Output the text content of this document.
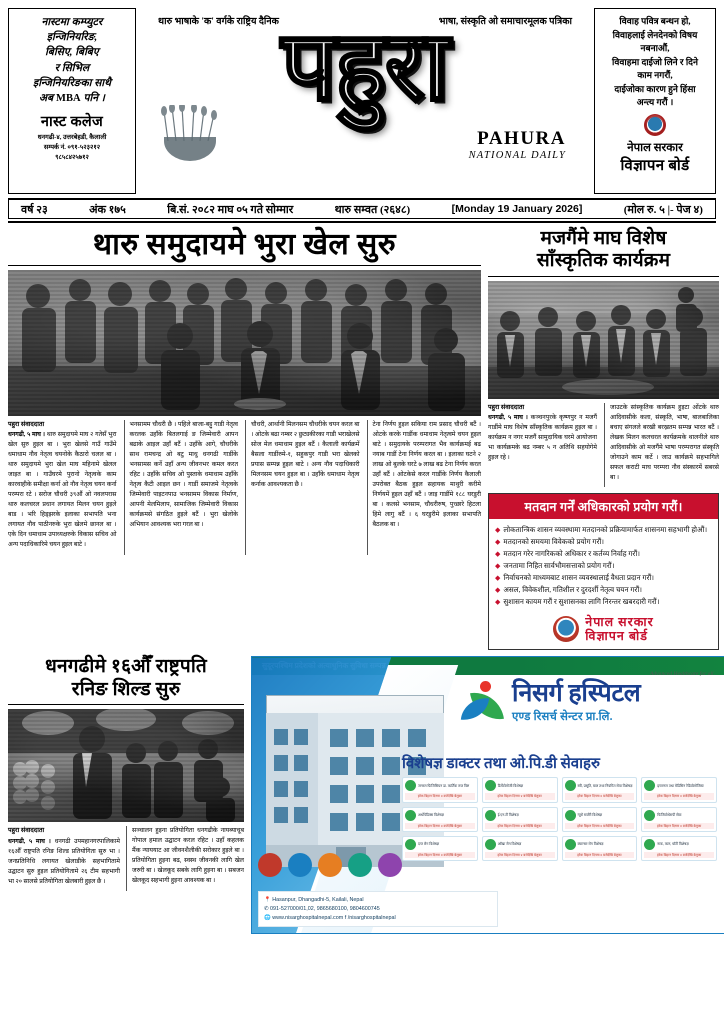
नास्टमा कम्प्युटर
इन्जिनियरिङ,
बिसिए, बिबिए
र सिभिल
इन्जिनियरिङका साथै
अब MBA पनि ।
नास्ट कलेज
धनगढी-४, उत्तरबेहडी, कैलाली
सम्पर्क नं. ०९१-५२३२१२
९८५८४२५७१२
थारु भाषाके 'क' वर्गके राष्ट्रिय दैनिक	भाषा, संस्कृति ओ समाचारमूलक पत्रिका
पहुरा
PAHURA
NATIONAL DAILY
विवाह पवित्र बन्धन हो,
विवाहलाई लेनदेनको विषय
नबनाऔं,
विवाहमा दाईजो लिने र दिने
काम नगरौं,
दाईजोका कारण हुने हिंसा
अन्त्य गरौं ।
नेपाल सरकार
विज्ञापन बोर्ड
वर्ष २३	अंक १७५	बि.सं. २०८२ माघ ०५ गते सोम्मार	थारु सम्वत (२६४८)	[Monday 19 January 2026]	(मोल रु. ५ |- पेज ४)
थारु समुदायमे भुरा खेल सुरु
पहुरा संवाददाता

धनगढी, ५ माघ । थारु समुदायमे माघ २ गतेसँ भुरा खेल सुरु हुइल बा । भुरा खेलसे गाउँ गाउँमे धमाधाम नौव नेतृत्व चयनोके कैठारो चलल बा । थारु समुदायमे भुरा खेल माघ महिनामे खेलल जाइत बा । गाउँघरमे पुरानो नेतृत्वके काम कारवाहीके समीक्षा कर्ना ओ नौव नेतृत्व चयन कर्ना परम्परा रटे । सरोज चौधरी ३९औं ओ नवलपरास थारु कलचरल प्रधान लगायत मिलन चयन हुइले बाड । भरि हिड्झरके इलाका सभापति भना लगायत नौव पाठीनरुके भुरा खेलमे छानल बा । एके दिन धमाधाम उपाध्यक्षरुके विकास सचिव ओ अन्य पदाधिकारिमे चयन हुइल बाटे ।

भनसामम चौधरी छै । पहिले बाजा-बट्टु गाडी नेतृत्व करलक उहाँके बितलगाई ङ जिम्मेवारी आपन बढाके आइल उहाँ बटैं । उहाँके आगे, चौधरीके साथ रामचन्द्र ओ बटु माधु धनगढी गाडींके भनसामस कर्ने उहाँ अन्य जीवनभर कमल करत रहिट । उहाँके सचिव ओ पुस्ताके धमाधाम उहाँके नेतृत्व कैटी आइल छन । गाडीं समाजमे नेतृत्वके जिम्मेवारी पाइटनपाउ भनसामम विकास निर्माण, आपनी मेलमिलाप, सामाजिक जिम्मेवारी विकास कार्यक्रमसे संगठित हुइले बटैं । भुरा खेलोके अभियान आवश्यक भरा गरल बा ।

चौधरी, आर्थानी मिलनसम चौधरीके चयन करल बा । ओटके बढा नम्बर २ छुट्यकीरका गाडी भराखेलसे सोज मेल धमाधाम हुइल बटैं । कैलाली कार्यक्रमें बैसला गाडींरुमे-१, सहुकपुर गाडी भरा खेलको प्रयास सम्पन्न हुइल बाटे । अन्य नौव पदाधिकारी मिलनसम चयन हुइल बा । उहाँके धमाधाम नेतृत्व कर्नाक आवश्यकता छै ।

टेना निर्णय हुइल सकिया राम प्रसाद चौधरी बटैं । ओटके करके गाडींक धमाधाम नेतृत्वमे चयन हुइल बाटे । समुदायके परम्परागत भैव कार्यक्रमई बढ नयाब गाडीं टेना निर्णय करल बा । इलाका घटने २ लाख ओ बुलके घरटे ७ लाख बढ टेना निर्णय करल उहाँ बटैं । ओटकेसे करल गाडींके निर्णय कैलाली उपरोक्त बैठक हुइल सहायक माथुरी करीमे निर्णयमें हुइल उहाँ बटैं । जाइ गाडींमे १८८ घरडुरी बा । कलसे भनसाम, चौधरीरुष, पुच्छारे हिटला हिमे लागु बटैं । ६ घरडुरीमे इलाका सभापति बैठलक बा ।

मजगैंमे माघ विशेष
साँस्कृतिक कार्यक्रम
पहुरा संवाददाता

धनगढी, ५ माघ । कञ्चनपुरके कृष्णपुर न मजगैं गाडींमे माघ विशेष साँस्कृतिक कार्यक्रम हुइल बा । कार्यक्रम न नगर मजगैं सामुदायिक घरमे आयोजना भा कार्यक्रमके बढ नम्बर ५ न अतिथि सहयोगेमे हुइल रहे ।

जाउटके सांस्कृतिक कार्यक्रम हुइटा ओंटके थारु आदिवासीके कला, संस्कृति, भाषा, बालबालिका बचाए संगलले बरखी बरख्रतम सम्पन्न भारत बटैं । लेखक मिलन कलचरल कार्यक्रमके थालनीले थारु आदिवासीके ओ मजगैंमे भाषा परम्परागत संस्कृति जोगाउने काम कर्टे । जाउ कार्यक्रमे सहभागिले सफल कराटी माघ परम्परा नौव संस्कारमें सबरसे बा ।

मतदान गर्नें अधिकारको प्रयोग गरौं।
◆ लोकतान्त्रिक शासन व्यवस्थामा मतदानको प्रक्रियामार्फत शासनमा सहभागी होऔं।
◆ मतदानको समयमा विवेकको प्रयोग गरौं।
◆ मतदान गरेर नागरिकको अधिकार र कर्तव्य निर्वाह गरौं।
◆ जनतामा निहित सार्वभौमसत्ताको प्रयोग गरौं।
◆ निर्वाचनको माध्यमबाट शासन व्यवस्थालाई वैधता प्रदान गरौं।
◆ असल, विवेकशील, गतिशील र दुरदर्शी नेतृत्व चयन गरौं।
◆ सुशासन कायम गरौं र सुशासनका लागि निरन्तर खबरदारी गरौं।
नेपाल सरकार
विज्ञापन बोर्ड
धनगढीमे १६औँ राष्ट्रपति
रनिङ शिल्ड सुरु
पहुरा संवाददाता

धनगढी, ५ माघ । धनगढी उपमहानगरपालिकामे १६औँ राष्ट्रपति रनिङ शिल्ड प्रतियोगिता सुरु भा । जनप्रतिनिधि लगायत खेलाडीके सहभागितामे उद्घाटन सुरु हुइल प्रतियोगितामे २६ टीम सहभागी भा २० सालसे प्रतियोगिता खेलबारी हुइल छै ।

सञ्चालन हुइना प्रतियोगिता धनगढीके नायब्याचूब गोपाल हमाल उद्घाटन करल रहिट । उहाँ कहलक मैंक न्याययाट आ जीवनशैलीकी सरोकार हुइले बा । प्रतियोगिता हुइना बढ, स्वस्थ जीवनकी लागि खेल जरुरी बा । खेलकूद सबके लागि हुइना बा । सबजन खेलकूद सहभागी हुइना आवश्यक बा ।

निसर्ग हस्पिटल
एण्ड रिसर्च सेन्टर प्रा.लि.
Advanced Healthcare for all.
विशेषज्ञ डाक्टर तथा ओ.पि.डी सेवाहरु
जनरल फिजिसियन डा. कार्तिक राज विष्ट
हरेक बिहान दिनमा ४ बजेदेखि बेलुका
डिर्मेटोलोजी विशेषज्ञ
हरेक बिहान दिनमा ४ बजेदेखि बेलुका
स्त्री, प्रसूति, बाल तथा नियमित सेवा विशेषज्ञ
हरेक बिहान दिनमा ४ बजेदेखि बेलुका
इन्टरनल तथा मेडिसिन रेडियोलोजिस्ट
हरेक बिहान दिनमा ४ बजेदेखि बेलुका
अर्थोपेडिक्स विशेषज्ञ
हरेक बिहान दिनमा ४ बजेदेखि बेलुका
ई.एन.टी विशेषज्ञ
हरेक बिहान दिनमा ४ बजेदेखि बेलुका
न्यूरो सर्जरी विशेषज्ञ
हरेक बिहान दिनमा ४ बजेदेखि बेलुका
फिजियोथेरापी सेवा
हरेक बिहान दिनमा ४ बजेदेखि बेलुका
दन्त रोग विशेषज्ञ
हरेक बिहान दिनमा ४ बजेदेखि बेलुका
आँखा रोग विशेषज्ञ
हरेक बिहान दिनमा ४ बजेदेखि बेलुका
क्यान्सर रोग विशेषज्ञ
हरेक बिहान दिनमा ४ बजेदेखि बेलुका
नाक, कान, घाँटी विशेषज्ञ
हरेक बिहान दिनमा ४ बजेदेखि बेलुका
📍 Hasanpur, Dhangadhi-5, Kailali, Nepal
✆ 091-527000/01,02, 9865680100, 9804600745
🌐 www.nisarghospitalnepal.com f /nisarghospitalnepal
